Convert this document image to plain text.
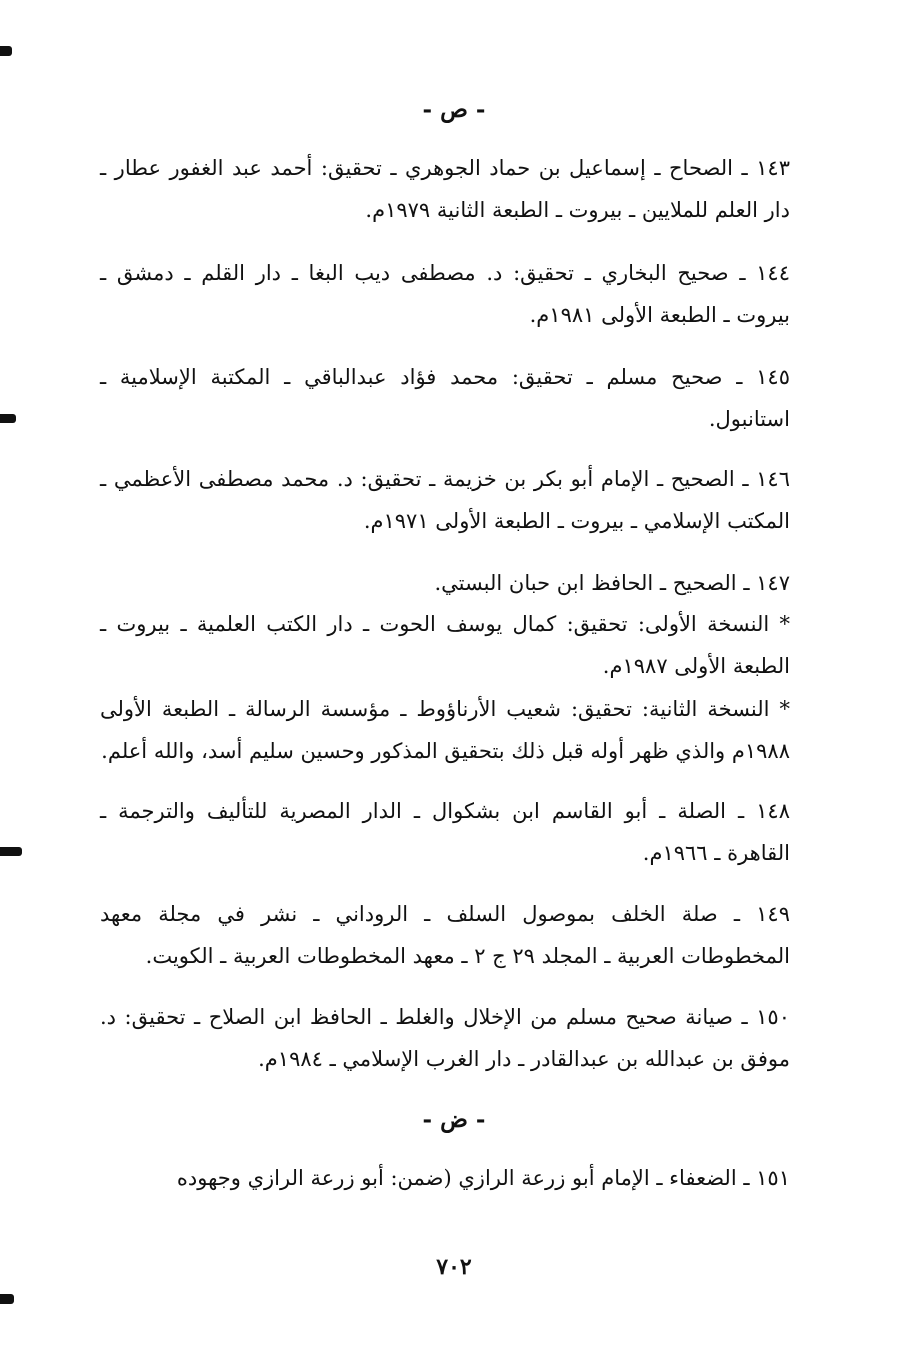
- ص -

١٤٣ ـ الصحاح ـ إسماعيل بن حماد الجوهري ـ تحقيق: أحمد عبد الغفور عطار ـ دار العلم للملايين ـ بيروت ـ الطبعة الثانية ١٩٧٩م.

١٤٤ ـ صحيح البخاري ـ تحقيق: د. مصطفى ديب البغا ـ دار القلم ـ دمشق ـ بيروت ـ الطبعة الأولى ١٩٨١م.

١٤٥ ـ صحيح مسلم ـ تحقيق: محمد فؤاد عبدالباقي ـ المكتبة الإسلامية ـ استانبول.

١٤٦ ـ الصحيح ـ الإمام أبو بكر بن خزيمة ـ تحقيق: د. محمد مصطفى الأعظمي ـ المكتب الإسلامي ـ بيروت ـ الطبعة الأولى ١٩٧١م.

١٤٧ ـ الصحيح ـ الحافظ ابن حبان البستي.

* النسخة الأولى: تحقيق: كمال يوسف الحوت ـ دار الكتب العلمية ـ بيروت ـ الطبعة الأولى ١٩٨٧م.

* النسخة الثانية: تحقيق: شعيب الأرناؤوط ـ مؤسسة الرسالة ـ الطبعة الأولى ١٩٨٨م والذي ظهر أوله قبل ذلك بتحقيق المذكور وحسين سليم أسد، والله أعلم.

١٤٨ ـ الصلة ـ أبو القاسم ابن بشكوال ـ الدار المصرية للتأليف والترجمة ـ القاهرة ـ ١٩٦٦م.

١٤٩ ـ صلة الخلف بموصول السلف ـ الروداني ـ نشر في مجلة معهد المخطوطات العربية ـ المجلد ٢٩ ج ٢ ـ معهد المخطوطات العربية ـ الكويت.

١٥٠ ـ صيانة صحيح مسلم من الإخلال والغلط ـ الحافظ ابن الصلاح ـ تحقيق: د. موفق بن عبدالله بن عبدالقادر ـ دار الغرب الإسلامي ـ ١٩٨٤م.

- ض -

١٥١ ـ الضعفاء ـ الإمام أبو زرعة الرازي (ضمن: أبو زرعة الرازي وجهوده

٧٠٢
